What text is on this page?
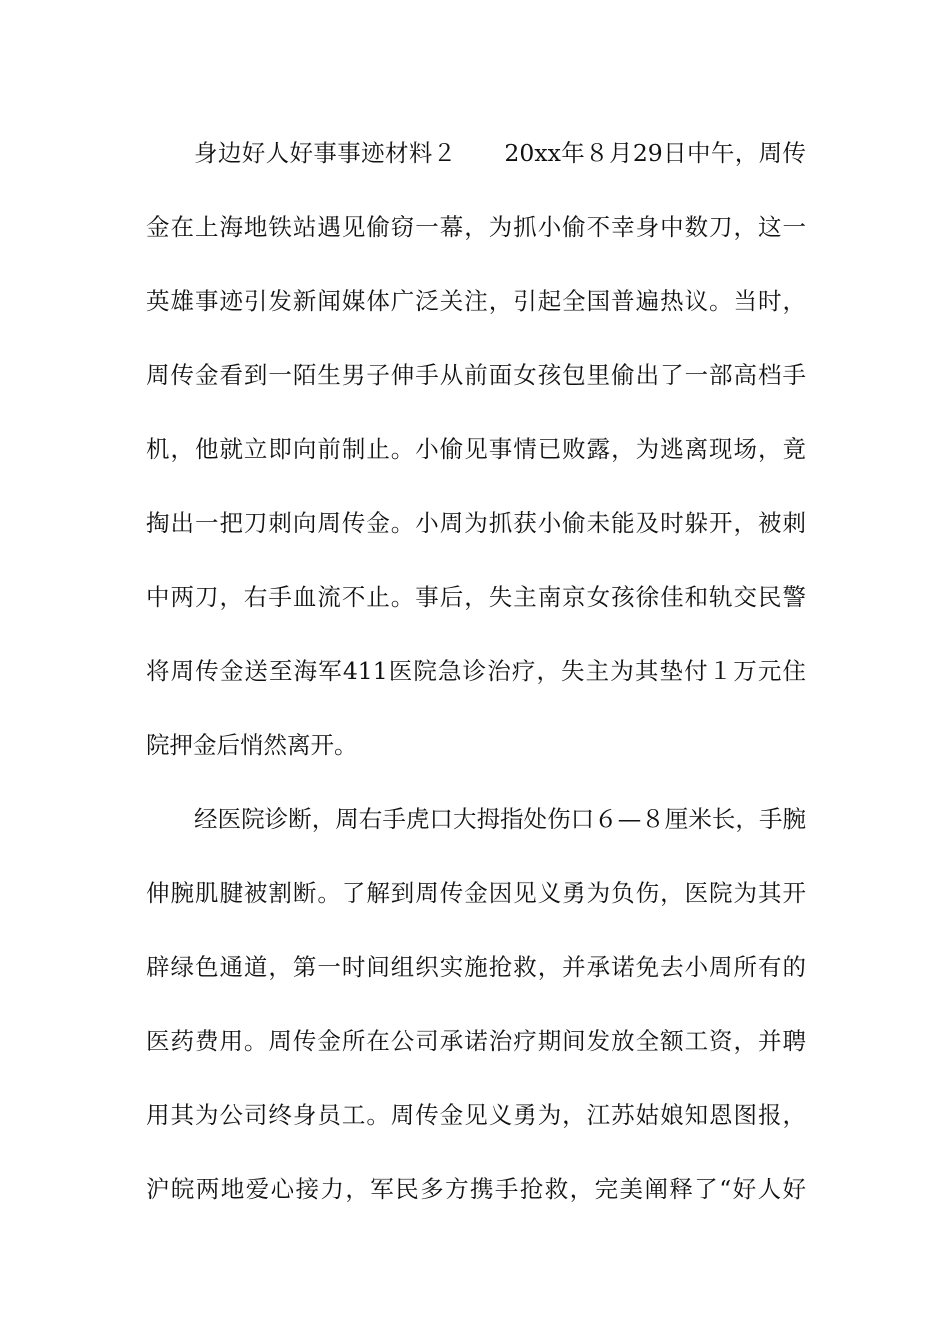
身边好人好事事迹材料２　　20xx年８月29日中午，周传
金在上海地铁站遇见偷窃一幕，为抓小偷不幸身中数刀，这一
英雄事迹引发新闻媒体广泛关注，引起全国普遍热议。当时，
周传金看到一陌生男子伸手从前面女孩包里偷出了一部高档手
机，他就立即向前制止。小偷见事情已败露，为逃离现场，竟
掏出一把刀刺向周传金。小周为抓获小偷未能及时躲开，被刺
中两刀，右手血流不止。事后，失主南京女孩徐佳和轨交民警
将周传金送至海军411医院急诊治疗，失主为其垫付１万元住
院押金后悄然离开。
经医院诊断，周右手虎口大拇指处伤口６—８厘米长，手腕
伸腕肌腱被割断。了解到周传金因见义勇为负伤，医院为其开
辟绿色通道，第一时间组织实施抢救，并承诺免去小周所有的
医药费用。周传金所在公司承诺治疗期间发放全额工资，并聘
用其为公司终身员工。周传金见义勇为，江苏姑娘知恩图报，
沪皖两地爱心接力，军民多方携手抢救，完美阐释了“好人好
